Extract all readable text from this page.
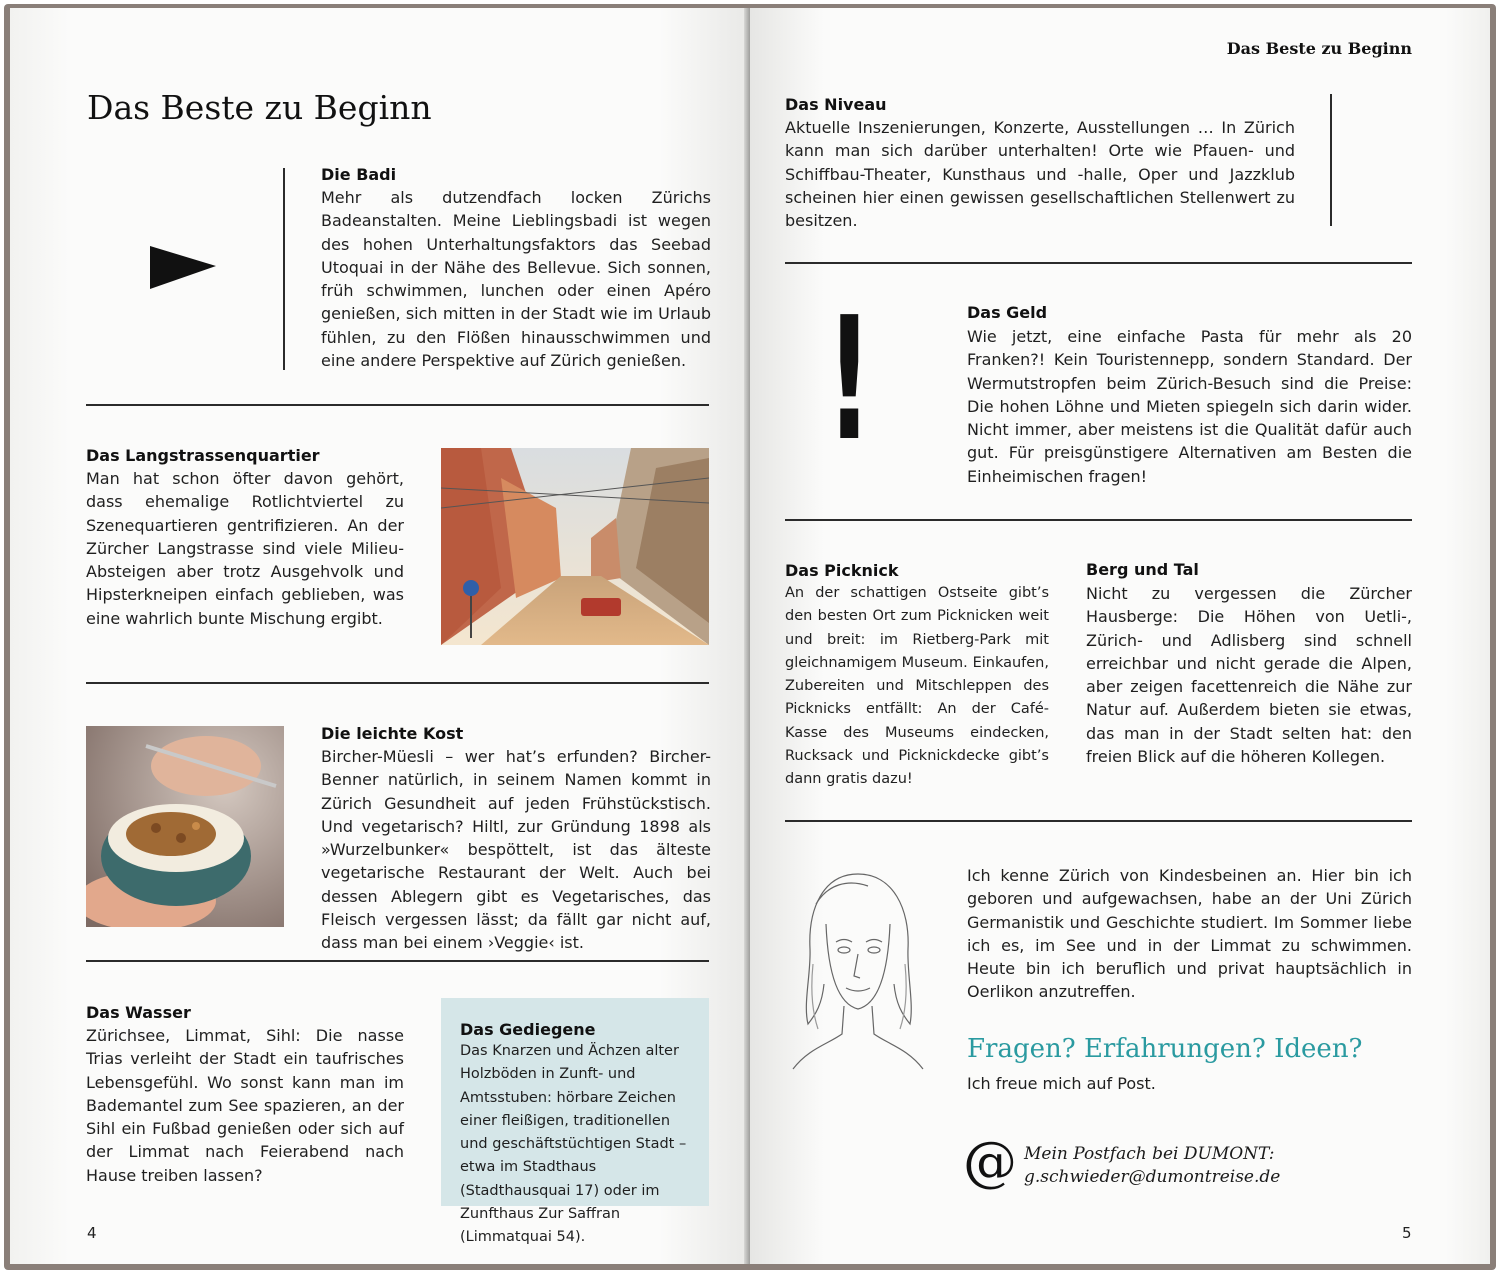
Das Beste zu Beginn
Die Badi
Mehr als dutzendfach locken Zürichs Badeanstalten. Meine Lieblingsbadi ist wegen des hohen Unterhaltungsfaktors das Seebad Utoquai in der Nähe des Bellevue. Sich sonnen, früh schwimmen, lunchen oder einen Apéro genießen, sich mitten in der Stadt wie im Urlaub fühlen, zu den Flößen hinausschwimmen und eine andere Perspektive auf Zürich genießen.
Das Langstrassenquartier
Man hat schon öfter davon gehört, dass ehemalige Rotlichtviertel zu Szenequartieren gentrifizieren. An der Zürcher Langstrasse sind viele Milieu-Absteigen aber trotz Ausgehvolk und Hipsterkneipen einfach geblieben, was eine wahrlich bunte Mischung ergibt.
Die leichte Kost
Bircher-Müesli – wer hat’s erfunden? Bircher-Benner natürlich, in seinem Namen kommt in Zürich Gesundheit auf jeden Frühstückstisch. Und vegetarisch? Hiltl, zur Gründung 1898 als »Wurzelbunker« bespöttelt, ist das älteste vegetarische Restaurant der Welt. Auch bei dessen Ablegern gibt es Vegetarisches, das Fleisch vergessen lässt; da fällt gar nicht auf, dass man bei einem ›Veggie‹ ist.
Das Wasser
Zürichsee, Limmat, Sihl: Die nasse Trias verleiht der Stadt ein taufrisches Lebensgefühl. Wo sonst kann man im Bademantel zum See spazieren, an der Sihl ein Fußbad genießen oder sich auf der Limmat nach Feierabend nach Hause treiben lassen?
Das Gediegene
Das Knarzen und Ächzen alter Holzböden in Zunft- und Amtsstuben: hörbare Zeichen einer fleißigen, traditionellen und geschäftstüchtigen Stadt – etwa im Stadthaus (Stadthausquai 17) oder im Zunfthaus Zur Saffran (Limmatquai 54).
4
Das Beste zu Beginn
Das Niveau
Aktuelle Inszenierungen, Konzerte, Ausstellungen … In Zürich kann man sich darüber unterhalten! Orte wie Pfauen- und Schiffbau-Theater, Kunsthaus und -halle, Oper und Jazzklub scheinen hier einen gewissen gesellschaftlichen Stellenwert zu besitzen.
!	Das Geld
Wie jetzt, eine einfache Pasta für mehr als 20 Franken?! Kein Touristennepp, sondern Standard. Der Wermutstropfen beim Zürich-Besuch sind die Preise: Die hohen Löhne und Mieten spiegeln sich darin wider. Nicht immer, aber meistens ist die Qualität dafür auch gut. Für preisgünstigere Alternativen am Besten die Einheimischen fragen!
Das Picknick
An der schattigen Ostseite gibt’s den besten Ort zum Picknicken weit und breit: im Rietberg-Park mit gleichnamigem Museum. Einkaufen, Zubereiten und Mitschleppen des Picknicks entfällt: An der Café-Kasse des Museums eindecken, Rucksack und Picknickdecke gibt’s dann gratis dazu!
Berg und Tal
Nicht zu vergessen die Zürcher Hausberge: Die Höhen von Uetli-, Zürich- und Adlisberg sind schnell erreichbar und nicht gerade die Alpen, aber zeigen facettenreich die Nähe zur Natur auf. Außerdem bieten sie etwas, das man in der Stadt selten hat: den freien Blick auf die höheren Kollegen.
Ich kenne Zürich von Kindesbeinen an. Hier bin ich geboren und aufgewachsen, habe an der Uni Zürich Germanistik und Geschichte studiert. Im Sommer liebe ich es, im See und in der Limmat zu schwimmen. Heute bin ich beruflich und privat hauptsächlich in Oerlikon anzutreffen.
Fragen? Erfahrungen? Ideen?
Ich freue mich auf Post.
@ Mein Postfach bei DUMONT:
g.schwieder@dumontreise.de
5
